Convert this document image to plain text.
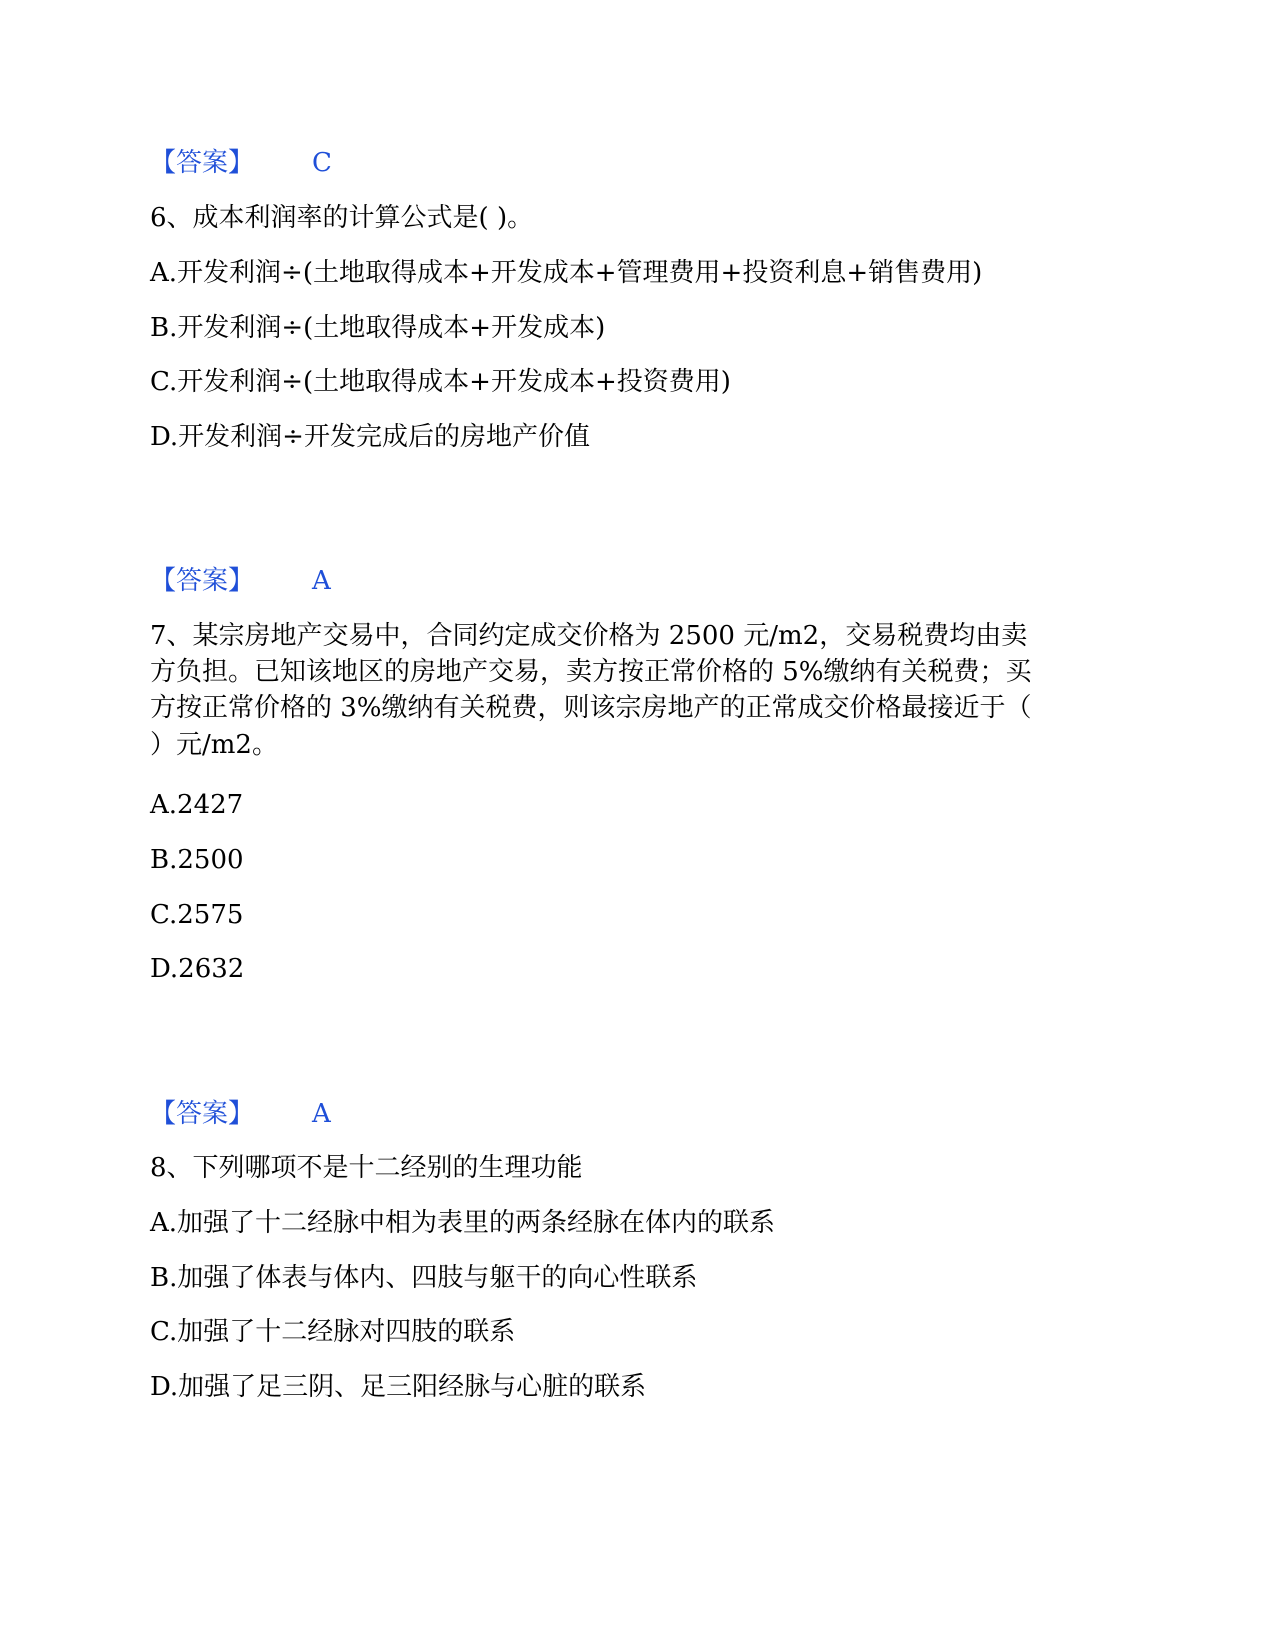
【答案】 C

6、成本利润率的计算公式是( )。

A.开发利润÷(土地取得成本+开发成本+管理费用+投资利息+销售费用)

B.开发利润÷(土地取得成本+开发成本)

C.开发利润÷(土地取得成本+开发成本+投资费用)

D.开发利润÷开发完成后的房地产价值

【答案】 A

7、某宗房地产交易中，合同约定成交价格为 2500 元/m2，交易税费均由卖

方负担。已知该地区的房地产交易，卖方按正常价格的 5%缴纳有关税费；买

方按正常价格的 3%缴纳有关税费，则该宗房地产的正常成交价格最接近于（

）元/m2。

A.2427

B.2500

C.2575

D.2632

【答案】 A

8、下列哪项不是十二经别的生理功能

A.加强了十二经脉中相为表里的两条经脉在体内的联系

B.加强了体表与体内、四肢与躯干的向心性联系

C.加强了十二经脉对四肢的联系

D.加强了足三阴、足三阳经脉与心脏的联系
